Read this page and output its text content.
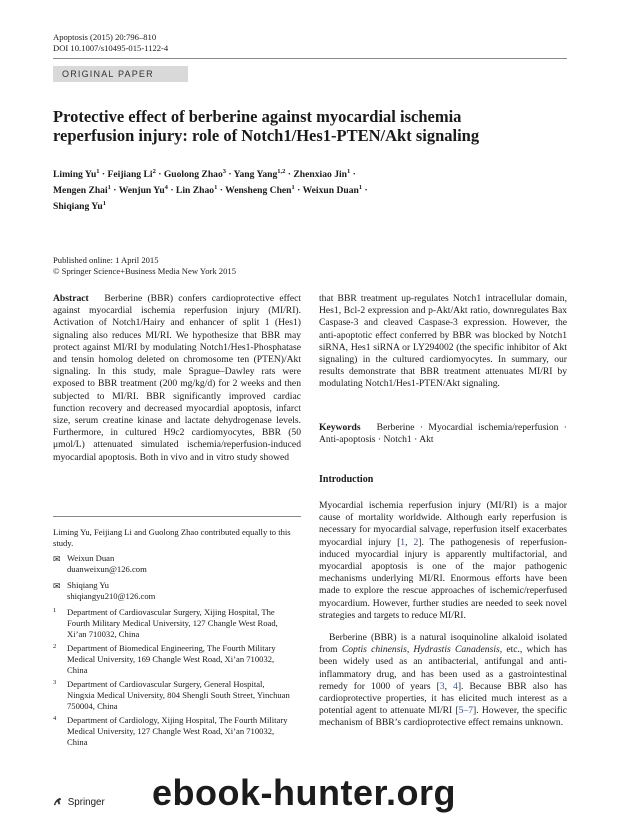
Apoptosis (2015) 20:796–810
DOI 10.1007/s10495-015-1122-4
ORIGINAL PAPER
Protective effect of berberine against myocardial ischemia
reperfusion injury: role of Notch1/Hes1-PTEN/Akt signaling
Liming $Yu^1$ · Feijiang $Li^2$ · Guolong Zhao$^3$ · Yang Yang$^{1,2}$ · Zhenxiao Jin$^1$ ·
Mengen Zhai$^1$ · Wenjun $Yu^4$ · Lin Zhao$^1$ · Wensheng Chen$^1$ · Weixun Duan$^1$ ·
Shiqiang Yu$^1$
Published online: 1 April 2015
© Springer Science+Business Media New York 2015
Abstract Berberine (BBR) confers cardioprotective effect against myocardial ischemia reperfusion injury (MI/RI). Activation of Notch1/Hairy and enhancer of split 1 (Hes1) signaling also reduces MI/RI. We hypothesize that BBR may protect against MI/RI by modulating Notch1/Hes1-Phosphatase and tensin homolog deleted on chromosome ten (PTEN)/Akt signaling. In this study, male Sprague–Dawley rats were exposed to BBR treatment (200 mg/kg/d) for 2 weeks and then subjected to MI/RI. BBR significantly improved cardiac function recovery and decreased myocardial apoptosis, infarct size, serum creatine kinase and lactate dehydrogenase levels. Furthermore, in cultured H9c2 cardiomyocytes, BBR (50 μmol/L) attenuated simulated ischemia/reperfusion-induced myocardial apoptosis. Both in vivo and in vitro study showed
that BBR treatment up-regulates Notch1 intracellular domain, Hes1, Bcl-2 expression and p-Akt/Akt ratio, downregulates Bax Caspase-3 and cleaved Caspase-3 expression. However, the anti-apoptotic effect conferred by BBR was blocked by Notch1 siRNA, Hes1 siRNA or LY294002 (the specific inhibitor of Akt signaling) in the cultured cardiomyocytes. In summary, our results demonstrate that BBR treatment attenuates MI/RI by modulating Notch1/Hes1-PTEN/Akt signaling.
Keywords Berberine · Myocardial ischemia/reperfusion · Anti-apoptosis · Notch1 · Akt
Introduction
Myocardial ischemia reperfusion injury (MI/RI) is a major cause of mortality worldwide. Although early reperfusion is necessary for myocardial salvage, reperfusion itself exacerbates myocardial injury [1, 2]. The pathogenesis of reperfusion-induced myocardial injury is apparently multifactorial, and myocardial apoptosis is one of the major pathogenic mechanisms underlying MI/RI. Enormous efforts have been made to explore the rescue approaches of ischemic/reperfused myocardium. However, further studies are needed to seek novel strategies and targets to reduce MI/RI.
Berberine (BBR) is a natural isoquinoline alkaloid isolated from Coptis chinensis, Hydrastis Canadensis, etc., which has been widely used as an antibacterial, antifungal and anti-inflammatory drug, and has been used as a gastrointestinal remedy for 1000 of years [3, 4]. Because BBR also has cardioprotective properties, it has elicited much interest as a potential agent to attenuate MI/RI [5–7]. However, the specific mechanism of BBR’s cardioprotective effect remains unknown.
Liming Yu, Feijiang Li and Guolong Zhao contributed equally to this study.
✉ Weixun Duan
duanweixun@126.com
✉ Shiqiang Yu
shiqiangyu210@126.com
1 Department of Cardiovascular Surgery, Xijing Hospital, The Fourth Military Medical University, 127 Changle West Road, Xi’an 710032, China
2 Department of Biomedical Engineering, The Fourth Military Medical University, 169 Changle West Road, Xi’an 710032, China
3 Department of Cardiovascular Surgery, General Hospital, Ningxia Medical University, 804 Shengli South Street, Yinchuan 750004, China
4 Department of Cardiology, Xijing Hospital, The Fourth Military Medical University, 127 Changle West Road, Xi’an 710032, China
Springer ebook-hunter.org
